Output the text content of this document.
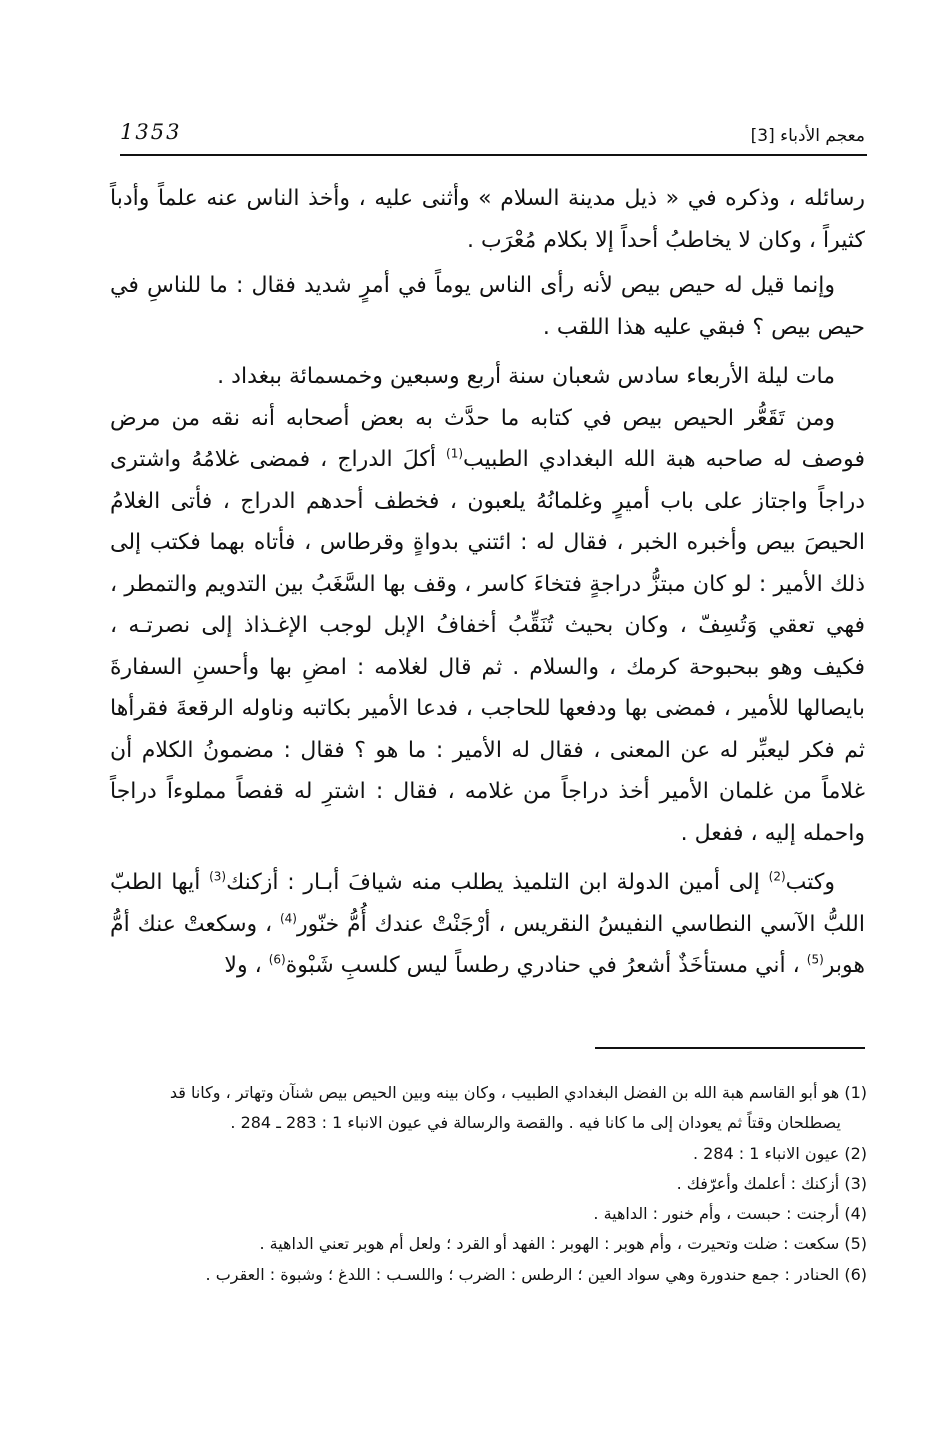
معجم الأدباء [3]
1353

رسائله ، وذكره في « ذيل مدينة السلام » وأثنى عليه ، وأخذ الناس عنه علماً وأدباً كثيراً ، وكان لا يخاطبُ أحداً إلا بكلام مُعْرَب .

وإنما قيل له حيص بيص لأنه رأى الناس يوماً في أمرٍ شديد فقال : ما للناسِ في حيص بيص ؟ فبقي عليه هذا اللقب .

مات ليلة الأربعاء سادس شعبان سنة أربع وسبعين وخمسمائة ببغداد .

ومن تَقَعُّر الحيص بيص في كتابه ما حدَّث به بعض أصحابه أنه نقه من مرض فوصف له صاحبه هبة الله البغدادي الطبيب$^{(1)}$ أكلَ الدراج ، فمضى غلامُهُ واشترى دراجاً واجتاز على باب أميرٍ وغلمانُهُ يلعبون ، فخطف أحدهم الدراج ، فأتى الغلامُ الحيصَ بيص وأخبره الخبر ، فقال له : ائتني بدواةٍ وقرطاس ، فأتاه بهما فكتب إلى ذلك الأمير : لو كان مبتزُّ دراجةٍ فتخاءَ كاسر ، وقف بها السَّغَبُ بين التدويم والتمطر ، فهي تعقي وَتُسِفّ ، وكان بحيث تُنَقِّبُ أخفافُ الإبل لوجب الإغـذاذ إلى نصرتـه ، فكيف وهو ببحبوحة كرمك ، والسلام . ثم قال لغلامه : امضِ بها وأحسنِ السفارةَ بايصالها للأمير ، فمضى بها ودفعها للحاجب ، فدعا الأمير بكاتبه وناوله الرقعةَ فقرأها ثم فكر ليعبِّر له عن المعنى ، فقال له الأمير : ما هو ؟ فقال : مضمونُ الكلام أن غلاماً من غلمان الأمير أخذ دراجاً من غلامه ، فقال : اشترِ له قفصاً مملوءاً دراجاً واحمله إليه ، ففعل .

وكتب$^{(2)}$ إلى أمين الدولة ابن التلميذ يطلب منه شيافَ أبـار : أزكنك$^{(3)}$ أيها الطبّ اللبُّ الآسي النطاسي النفيسُ النقريس ، أرْجَنْتْ عندك أُمُّ خنّور$^{(4)}$ ، وسكعتْ عنك أمُّ هوبر$^{(5)}$ ، أني مستأخَذٌ أشعرُ في حنادري رطساً ليس كلسبِ شَبْوة$^{(6)}$ ، ولا

(1) هو أبو القاسم هبة الله بن الفضل البغدادي الطبيب ، وكان بينه وبين الحيص بيص شنآن وتهاتر ، وكانا قد

يصطلحان وقتاً ثم يعودان إلى ما كانا فيه . والقصة والرسالة في عيون الانباء 1 : 283 ـ 284 .

(2) عيون الانباء 1 : 284 .

(3) أزكنك : أعلمك وأعرّفك .

(4) أرجنت : حبست ، وأم خنور : الداهية .

(5) سكعت : ضلت وتحيرت ، وأم هوبر : الهوبر : الفهد أو القرد ؛ ولعل أم هوبر تعني الداهية .

(6) الحنادر : جمع حندورة وهي سواد العين ؛ الرطس : الضرب ؛ واللسـب : اللدغ ؛ وشبوة : العقرب .
